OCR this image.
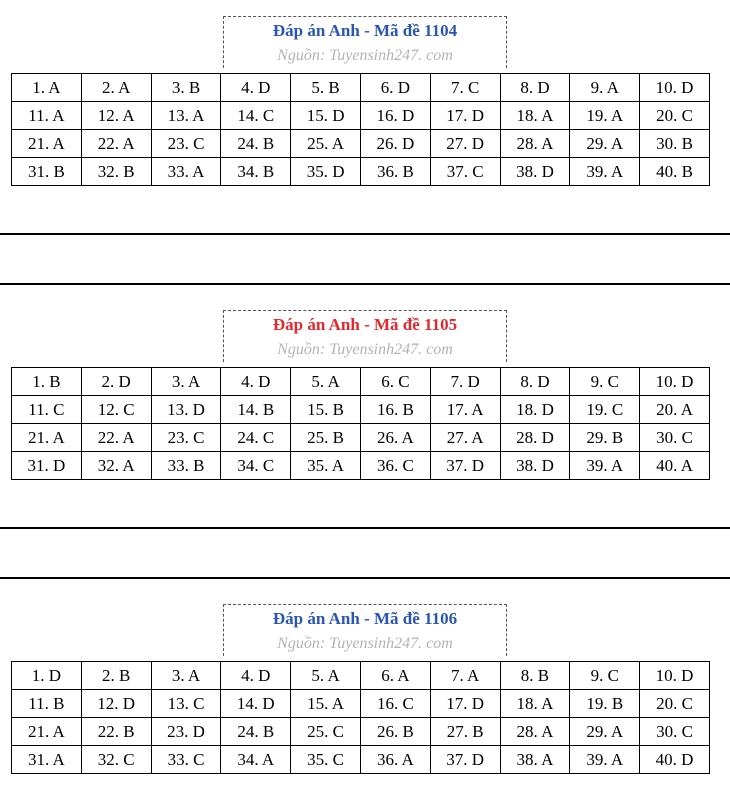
Đáp án Anh - Mã đề 1104
Nguồn: Tuyensinh247. com
1. A	2. A	3. B	4. D	5. B	6. D	7. C	8. D	9. A	10. D
11. A	12. A	13. A	14. C	15. D	16. D	17. D	18. A	19. A	20. C
21. A	22. A	23. C	24. B	25. A	26. D	27. D	28. A	29. A	30. B
31. B	32. B	33. A	34. B	35. D	36. B	37. C	38. D	39. A	40. B
Đáp án Anh - Mã đề 1105
Nguồn: Tuyensinh247. com
1. B	2. D	3. A	4. D	5. A	6. C	7. D	8. D	9. C	10. D
11. C	12. C	13. D	14. B	15. B	16. B	17. A	18. D	19. C	20. A
21. A	22. A	23. C	24. C	25. B	26. A	27. A	28. D	29. B	30. C
31. D	32. A	33. B	34. C	35. A	36. C	37. D	38. D	39. A	40. A
Đáp án Anh - Mã đề 1106
Nguồn: Tuyensinh247. com
1. D	2. B	3. A	4. D	5. A	6. A	7. A	8. B	9. C	10. D
11. B	12. D	13. C	14. D	15. A	16. C	17. D	18. A	19. B	20. C
21. A	22. B	23. D	24. B	25. C	26. B	27. B	28. A	29. A	30. C
31. A	32. C	33. C	34. A	35. C	36. A	37. D	38. A	39. A	40. D
